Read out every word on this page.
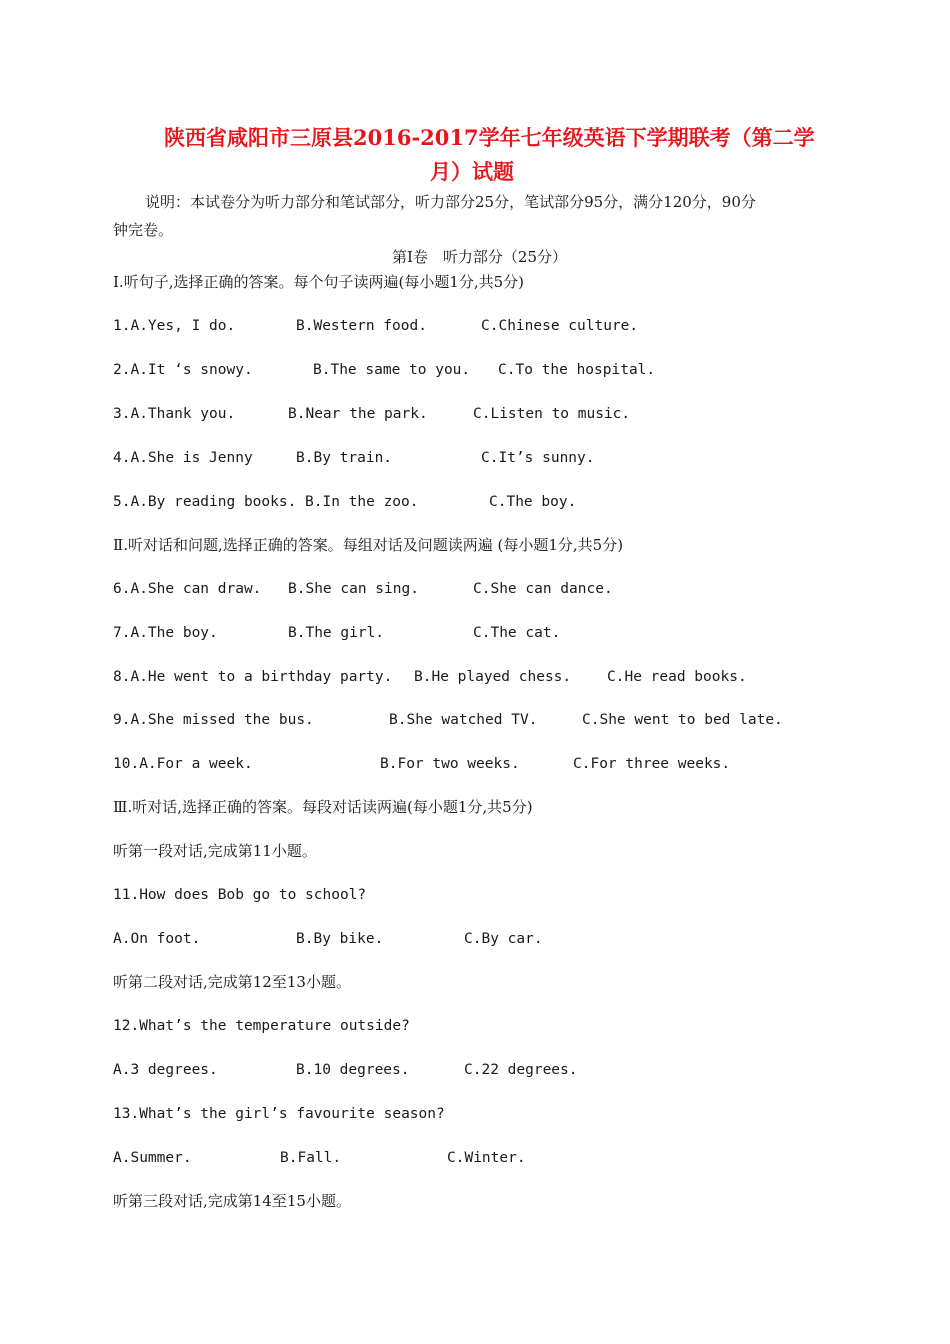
陕西省咸阳市三原县2016-2017学年七年级英语下学期联考（第二学
月）试题
说明：本试卷分为听力部分和笔试部分，听力部分25分，笔试部分95分，满分120分，90分
钟完卷。
第Ⅰ卷　听力部分（25分）
Ⅰ.听句子,选择正确的答案。每个句子读两遍(每小题1分,共5分)
1.A.Yes, I do.	B.Western food.	C.Chinese culture.
2.A.It ‘s snowy.	B.The same to you. C.To the hospital.
3.A.Thank you.	B.Near the park.	C.Listen to music.
4.A.She is Jenny	B.By train.	C.It’s sunny.
5.A.By reading books. B.In the zoo.	C.The boy.
Ⅱ.听对话和问题,选择正确的答案。每组对话及问题读两遍 (每小题1分,共5分)
6.A.She can draw. B.She can sing.	C.She can dance.
7.A.The boy.	B.The girl.	C.The cat.
8.A.He went to a birthday party. B.He played chess. C.He read books.
9.A.She missed the bus.	B.She watched TV.	C.She went to bed late.
10.A.For a week.	B.For two weeks.	C.For three weeks.
Ⅲ.听对话,选择正确的答案。每段对话读两遍(每小题1分,共5分)
听第一段对话,完成第11小题。
11.How does Bob go to school?
A.On foot.	B.By bike.	C.By car.
听第二段对话,完成第12至13小题。
12.What’s the temperature outside?
A.3 degrees.	B.10 degrees.	C.22 degrees.
13.What’s the girl’s favourite season?
A.Summer.	B.Fall.	C.Winter.
听第三段对话,完成第14至15小题。
